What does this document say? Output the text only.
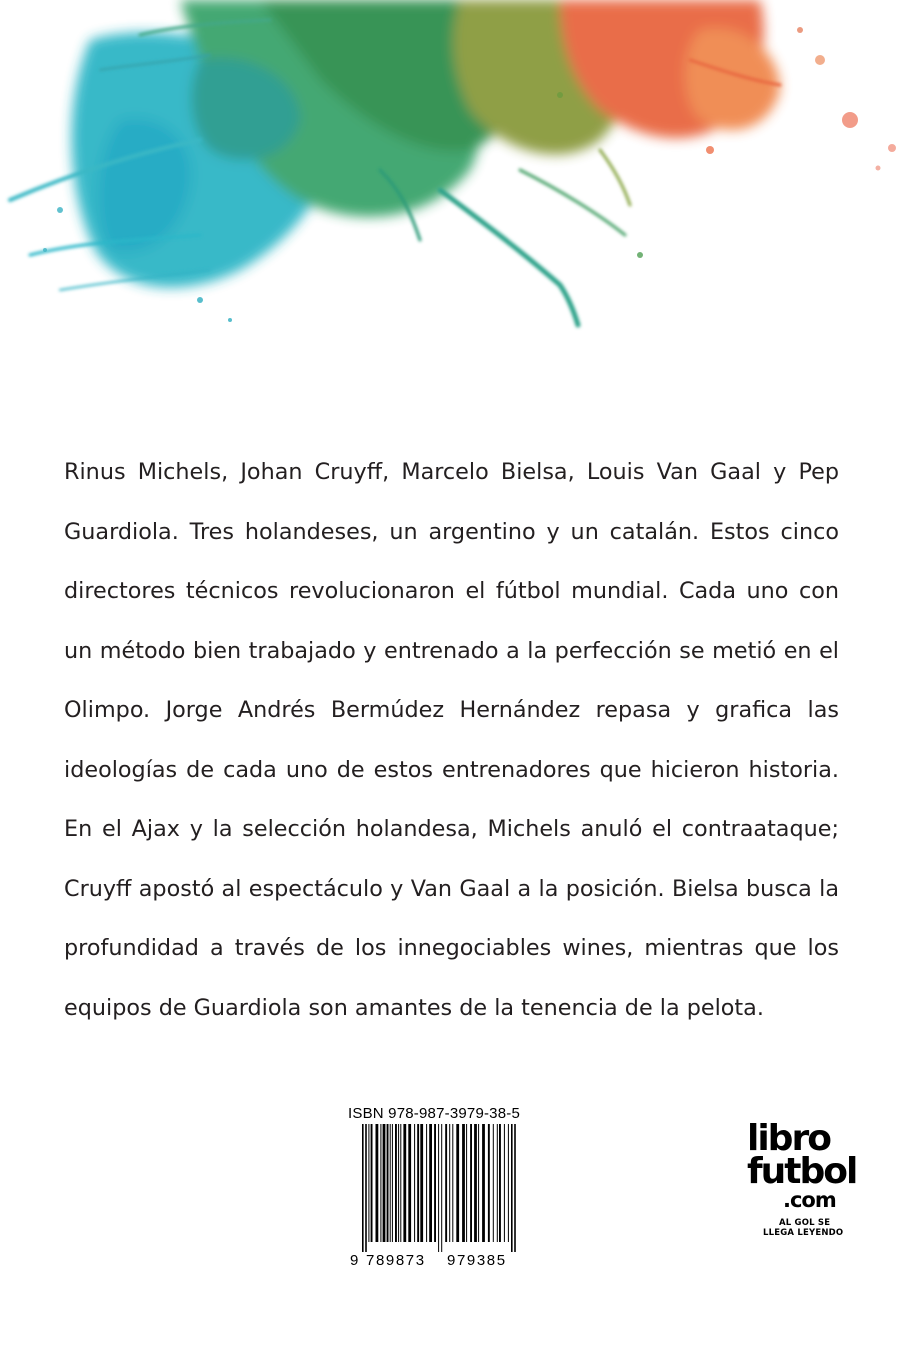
Rinus Michels, Johan Cruyff, Marcelo Bielsa, Louis Van Gaal y Pep Guardiola. Tres holandeses, un argentino y un catalán. Estos cinco directores técnicos revolucionaron el fútbol mundial. Cada uno con un método bien trabajado y entrenado a la perfección se metió en el Olimpo. Jorge Andrés Bermúdez Hernández repasa y grafica las ideologías de cada uno de estos entrenadores que hicieron historia. En el Ajax y la selección holandesa, Michels anuló el contraataque; Cruyff apostó al espectáculo y Van Gaal a la posición. Bielsa busca la profundidad a través de los innegociables wines, mientras que los equipos de Guardiola son amantes de la tenencia de la pelota.

ISBN 978-987-3979-38-5
9 789873 979385
libro
futbol
.com
AL GOL SE
LLEGA LEYENDO
